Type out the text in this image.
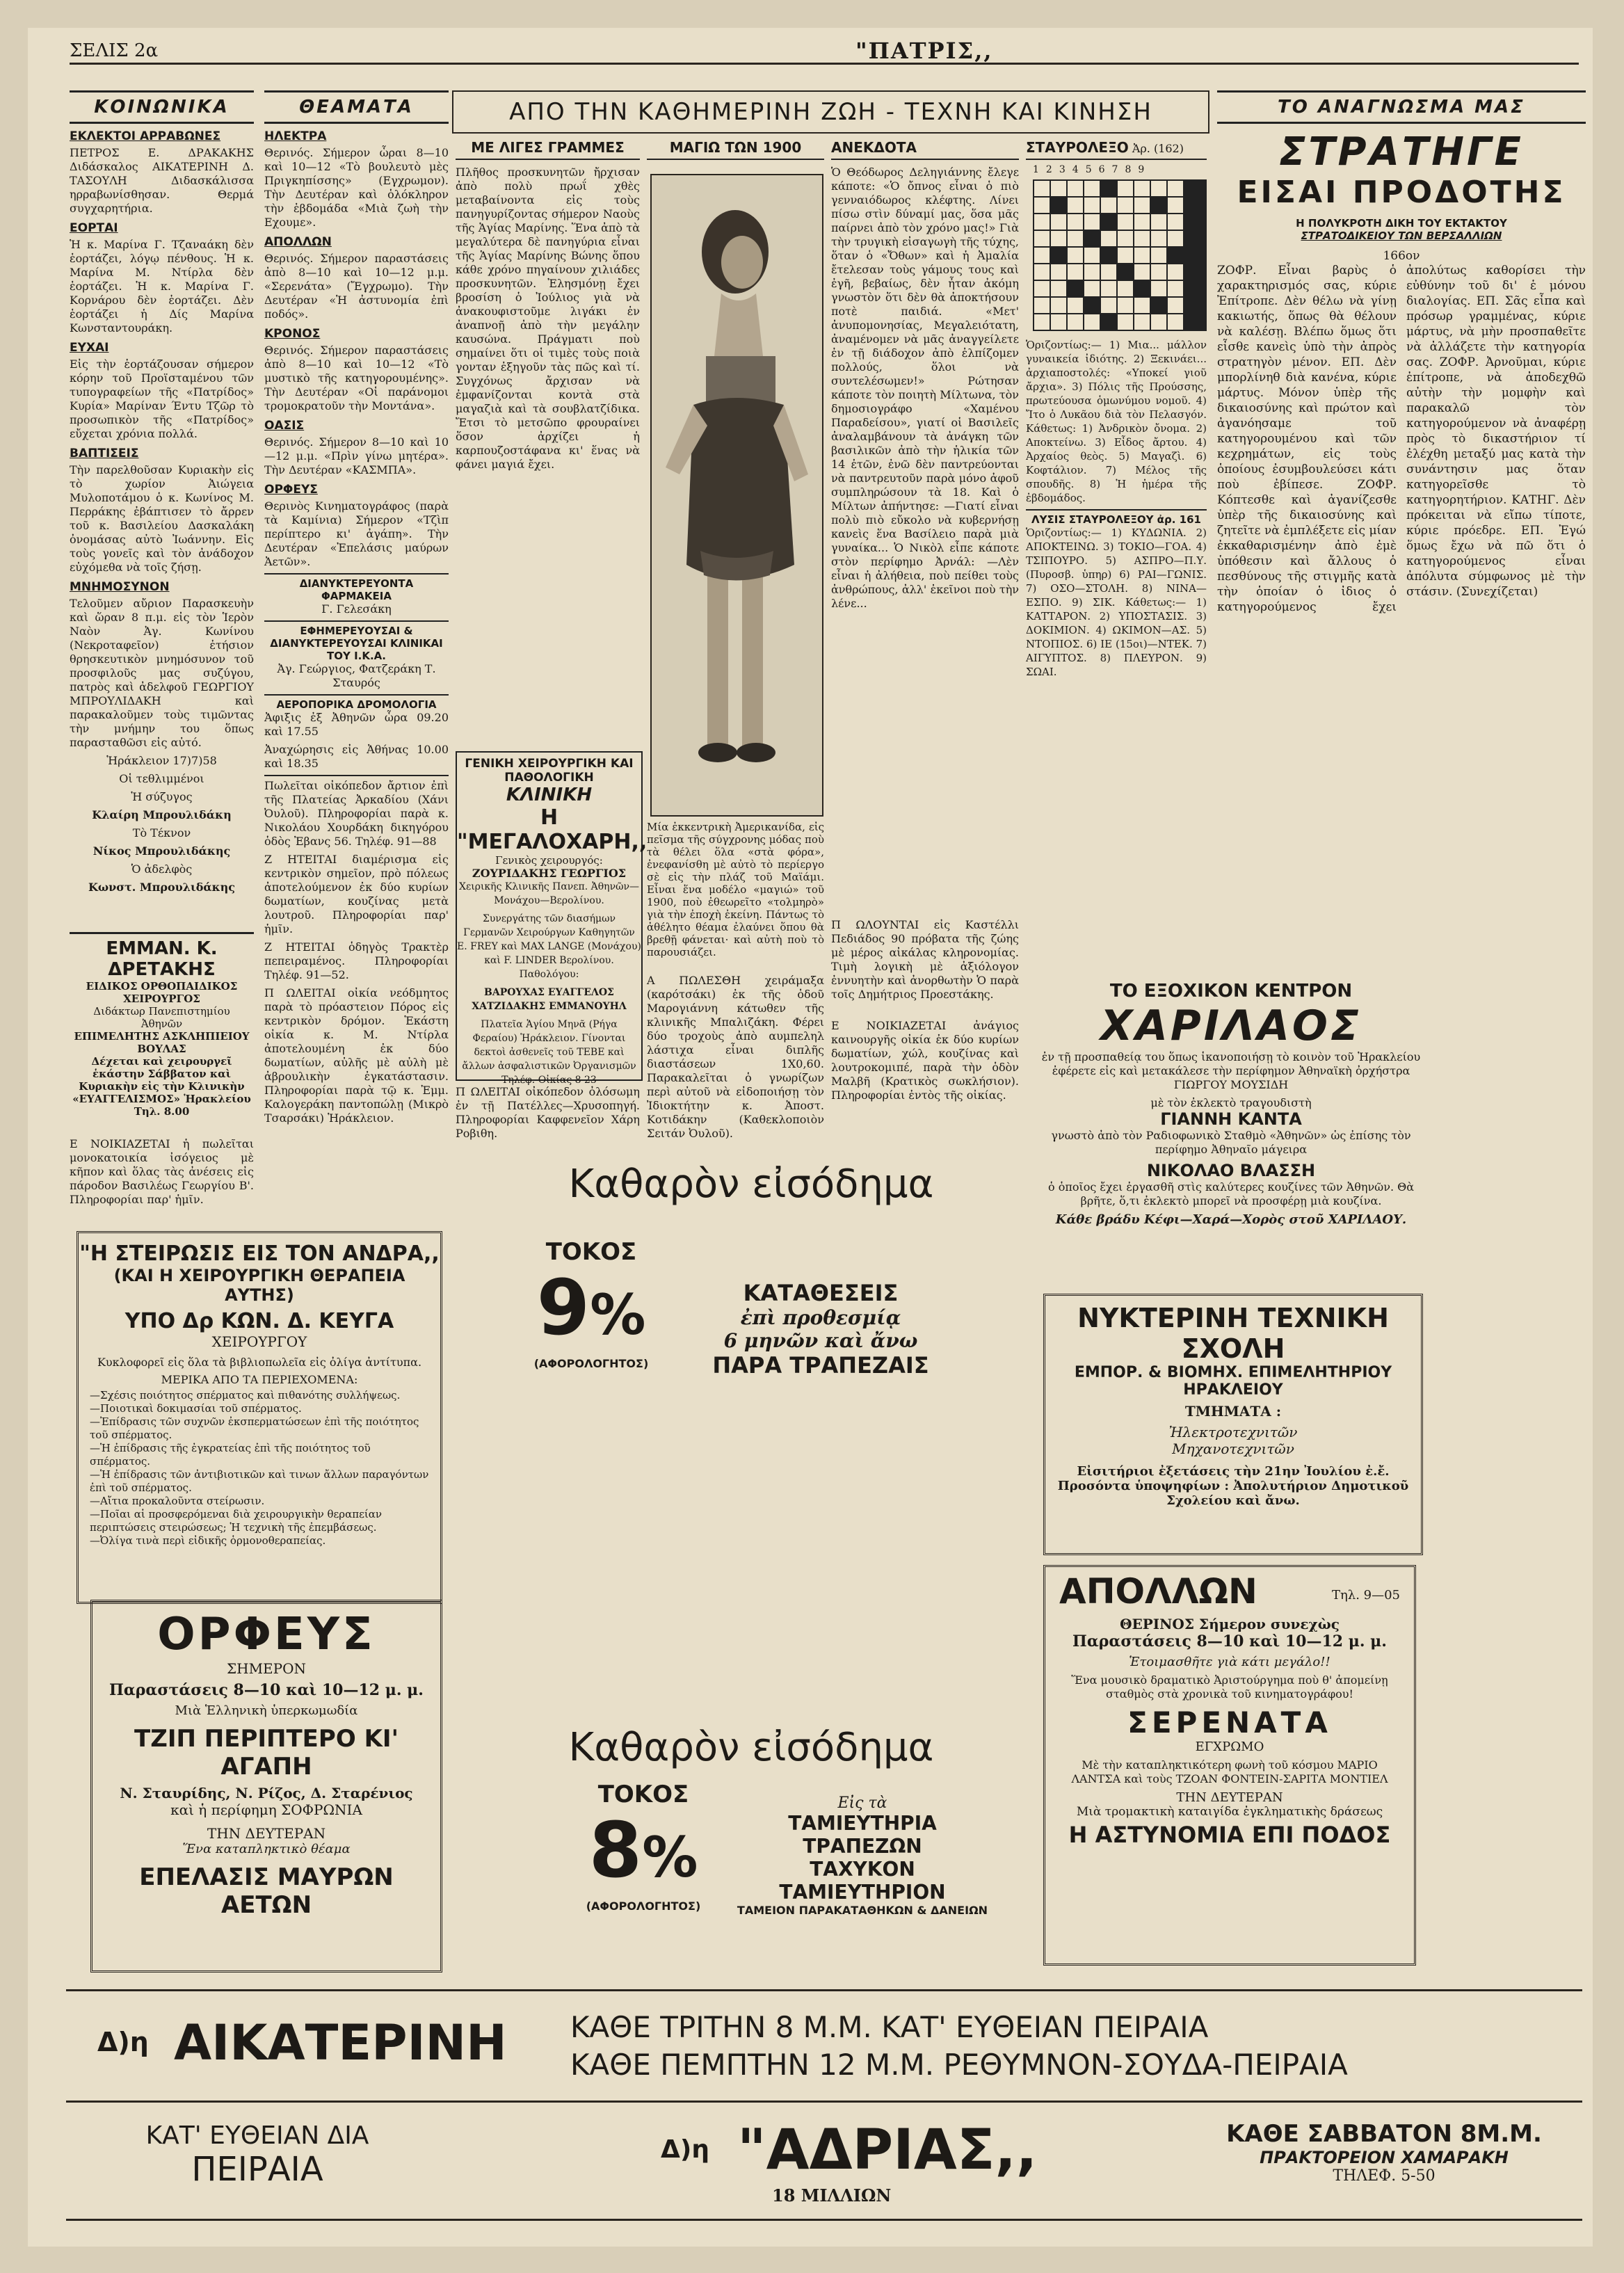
ΣΕΛΙΣ 2α	"ΠΑΤΡΙΣ,,
ΑΠΟ ΤΗΝ ΚΑΘΗΜΕΡΙΝΗ ΖΩΗ - ΤΕΧΝΗ ΚΑΙ ΚΙΝΗΣΗ
ΚΟΙΝΩΝΙΚΑ
ΕΚΛΕΚΤΟΙ ΑΡΡΑΒΩΝΕΣ

ΠΕΤΡΟΣ Ε. ΔΡΑΚΑΚΗΣ Διδάσκαλος ΑΙΚΑΤΕΡΙΝΗ Δ. ΤΑΣΟΥΛΗ Διδασκάλισσα ηρραβωνίσθησαν. Θερμά συγχαρητήρια.

ΕΟΡΤΑΙ

Ἡ κ. Μαρίνα Γ. Τζαναάκη δὲν ἑορτάζει, λόγῳ πένθους. Ἡ κ. Μαρίνα Μ. Ντίρλα δὲν ἑορτάζει. Ἡ κ. Μαρίνα Γ. Κορνάρου δὲν ἑορτάζει. Δὲν ἑορτάζει ἡ Δίς Μαρίνα Κωνσταντουράκη.

ΕΥΧΑΙ

Εἰς τὴν ἑορτάζουσαν σήμερον κόρην τοῦ Προϊσταμένου τῶν τυπογραφείων τῆς «Πατρίδος» Κυρία» Μαρίναν Έντυ Τζῶρ τὸ προσωπικὸν τῆς «Πατρίδος» εὔχεται χρόνια πολλά.

ΒΑΠΤΙΣΕΙΣ

Τὴν παρελθοῦσαν Κυριακὴν εἰς τὸ χωρίον Ἀιώγεια Μυλοποτάμου ὁ κ. Κωνίνος Μ. Περράκης ἐβάπτισεν τὸ ἄρρεν τοῦ κ. Βασιλείου Δασκαλάκη ὀνομάσας αὐτὸ Ἰωάννην. Εἰς τοὺς γονεῖς καὶ τὸν ἀνάδοχον εὐχόμεθα νὰ τοῖς ζήσῃ.

ΜΝΗΜΟΣΥΝΟΝ

Τελοῦμεν αὔριον Παρασκευὴν καὶ ὥραν 8 π.μ. εἰς τὸν Ἱερὸν Ναὸν Ἀγ. Κωνίνου (Νεκροταφεῖον) ἐτήσιον θρησκευτικὸν μνημόσυνον τοῦ προσφιλοῦς μας συζύγου, πατρὸς καὶ ἀδελφοῦ ΓΕΩΡΓΙΟΥ ΜΠΡΟΥΛΙΔΑΚΗ καὶ παρακαλοῦμεν τοὺς τιμῶντας τὴν μνήμην του ὅπως παρασταθῶσι εἰς αὐτό.

Ἡράκλειον 17)7)58

Οἱ τεθλιμμένοι

Ἡ σύζυγος

Κλαίρη Μπρουλιδάκη

Τὸ Τέκνον

Νίκος Μπρουλιδάκης

Ὁ ἀδελφὸς

Κωνστ. Μπρουλιδάκης

ΕΜΜΑΝ. Κ. ΔΡΕΤΑΚΗΣ
ΕΙΔΙΚΟΣ ΟΡΘΟΠΑΙΔΙΚΟΣ
ΧΕΙΡΟΥΡΓΟΣ
Διδάκτωρ Πανεπιστημίου
Ἀθηνῶν
ΕΠΙΜΕΛΗΤΗΣ ΑΣΚΛΗΠΙΕΙΟΥ ΒΟΥΛΑΣ
Δέχεται καὶ χειρουργεῖ ἑκάστην Σάββατον καὶ Κυριακὴν εἰς τὴν Κλινικὴν «ΕΥΑΓΓΕΛΙΣΜΟΣ» Ἡρακλείου
Τηλ. 8.00
Ε ΝΟΙΚΙΑΖΕΤΑΙ ἡ πωλεῖται μονοκατοικία ἰσόγειος μὲ κῆπον καὶ ὅλας τὰς ἀνέσεις εἰς πάροδον Βασιλέως Γεωργίου Β'. Πληροφορίαι παρ' ἡμῖν.
ΘΕΑΜΑΤΑ
ΗΛΕΚΤΡΑ

Θερινός. Σήμερον ὧραι 8—10 καὶ 10—12 «Τὸ βουλευτὸ μὲς Πριγκηπίσσης» (Εγχρωμον). Τὴν Δευτέραν καὶ ὁλόκληρον τὴν ἑβδομάδα «Μιὰ ζωὴ τὴν Εχουμε».

ΑΠΟΛΛΩΝ

Θερινός. Σήμερον παραστάσεις ἀπὸ 8—10 καὶ 10—12 μ.μ. «Σερενάτα» (Ἔγχρωμο). Τὴν Δευτέραν «Ἡ ἀστυνομία ἐπὶ ποδός».

ΚΡΟΝΟΣ

Θερινός. Σήμερον παραστάσεις ἀπὸ 8—10 καὶ 10—12 «Τὸ μυστικὸ τῆς κατηγορουμένης». Τὴν Δευτέραν «Οἱ παράνομοι τρομοκρατοῦν τὴν Μοντάνα».

ΟΑΣΙΣ

Θερινός. Σήμερον 8—10 καὶ 10—12 μ.μ. «Πρὶν γίνω μητέρα». Τὴν Δευτέραν «ΚΑΣΜΠΑ».

ΟΡΦΕΥΣ

Θερινὸς Κινηματογράφος (παρὰ τὰ Καμίνια) Σήμερον «Τζὶπ περίπτερο κι' ἀγάπη». Τὴν Δευτέραν «Ἐπελάσις μαύρων Ἀετῶν».

ΔΙΑΝΥΚΤΕΡΕΥΟΝΤΑ ΦΑΡΜΑΚΕΙΑ

Γ. Γελεσάκη

ΕΦΗΜΕΡΕΥΟΥΣΑΙ & ΔΙΑΝΥΚΤΕΡΕΥΟΥΣΑΙ ΚΛΙΝΙΚΑΙ ΤΟΥ Ι.Κ.Α.

Ἀγ. Γεώργιος, Φατζεράκη Τ. Σταυρός

ΑΕΡΟΠΟΡΙΚΑ ΔΡΟΜΟΛΟΓΙΑ

Ἀφιξις ἐξ Ἀθηνῶν ὧρα 09.20 καὶ 17.55

Ἀναχώρησις εἰς Ἀθήνας 10.00 καὶ 18.35

Πωλεῖται οἰκόπεδον ἄρτιον ἐπὶ τῆς Πλατείας Ἀρκαδίου (Χάνι Ὀυλοῦ). Πληροφορίαι παρὰ κ. Νικολάου Χουρδάκη δικηγόρου ὁδὸς Ἐβανς 56. Τηλέφ. 91—88

Ζ ΗΤΕΙΤΑΙ διαμέρισμα εἰς κεντρικὸν σημεῖον, πρὸ πόλεως ἀποτελούμενον ἐκ δύο κυρίων δωματίων, κουζίνας μετὰ λουτροῦ. Πληροφορίαι παρ' ἡμῖν.

Ζ ΗΤΕΙΤΑΙ ὁδηγὸς Τρακτὲρ πεπειραμένος. Πληροφορίαι Τηλέφ. 91—52.

Π ΩΛΕΙΤΑΙ οἰκία νεόδμητος παρὰ τὸ πρόαστειον Πόρος εἰς κεντρικὸν δρόμον. Ἑκάστη οἰκία κ. Μ. Ντίρλα ἀποτελουμένη ἐκ δύο δωματίων, αὐλῆς μὲ αὐλὴ μὲ ἀβρουλικὴν ἐγκατάστασιν. Πληροφορίαι παρὰ τῷ κ. Ἐμμ. Καλογεράκη παντοπώλῃ (Μικρὸ Τσαρσάκι) Ἡράκλειον.

ΜΕ ΛΙΓΕΣ ΓΡΑΜΜΕΣ

Πλῆθος προσκυνητῶν ἤρχισαν ἀπὸ πολὺ πρωΐ χθὲς μεταβαίνοντα εἰς τοὺς πανηγυρίζοντας σήμερον Ναοὺς τῆς Ἁγίας Μαρίνης. Ἕνα ἀπὸ τὰ μεγαλύτερα δὲ πανηγύρια εἶναι τῆς Ἁγίας Μαρίνης Βώνης ὅπου κάθε χρόνο πηγαίνουν χιλιάδες προσκυνητῶν. Ἐλησμόνῃ ἔχει βροσίση ὁ Ἰούλιος γιὰ νὰ ἀνακουφιστοῦμε λιγάκι ἐν ἀναπνοῇ ἀπὸ τὴν μεγάλην καυσώνα. Πράγματι ποὺ σημαίνει ὅτι οἱ τιμὲς τοὺς ποιὰ γονταν ἐξηγοῦν τὰς πῶς καὶ τί. Συγχόνως ἄρχισαν νὰ ἐμφανίζονται κοντὰ στὰ μαγαζιὰ καὶ τὰ σουβλατζίδικα. Ἔτσι τὸ μετσῶπο φρουραίνει ὅσον ἀρχίζει ἡ καρπουζοστάφανα κι' ἕνας νὰ φάνει μαγιά ἔχει.

ΓΕΝΙΚΗ ΧΕΙΡΟΥΡΓΙΚΗ ΚΑΙ ΠΑΘΟΛΟΓΙΚΗ
ΚΛΙΝΙΚΗ
Η "ΜΕΓΑΛΟΧΑΡΗ,,
Γενικὸς χειρουργός:
ΖΟΥΡΙΔΑΚΗΣ ΓΕΩΡΓΙΟΣ

Χειρικῆς Κλινικῆς Πανεπ. Ἀθηνῶν—Μονάχου—Βερολίνου.

Συνεργάτης τῶν διασήμων Γερμανῶν Χειρούργων Καθηγητῶν E. FREY καὶ MAX LANGE (Μονάχου) καὶ F. LINDER Βερολίνου. Παθολόγου:

ΒΑΡΟΥΧΑΣ ΕΥΑΓΓΕΛΟΣ ΧΑΤΖΙΔΑΚΗΣ ΕΜΜΑΝΟΥΗΛ

Πλατεῖα Ἁγίου Μηνᾶ (Ρήγα Φεραίου) Ἡράκλειον. Γίνονται δεκτοὶ ἀσθενεῖς τοῦ ΤΕΒΕ καὶ ἄλλων ἀσφαλιστικῶν Ὀργανισμῶν Τηλέφ. Οἰκίας 8 23

Π ΩΛΕΙΤΑΙ οἰκόπεδον ὀλόσωμη ἐν τῇ Πατέλλες—Χρυσοπηγή. Πληροφορίαι Καφφενεῖον Χάρη Ροβιθη.
ΜΑΓΙΩ ΤΩΝ 1900
Μία ἐκκεντρικὴ Ἀμερικανίδα, εἰς πεῖσμα τῆς σύγχρονης μόδας ποὺ τὰ θέλει ὅλα «στὰ φόρα», ἐνεφανίσθη μὲ αὐτὸ τὸ περίεργο σὲ εἰς τὴν πλάζ τοῦ Μαϊάμι. Εἶναι ἕνα μοδέλο «μαγιώ» τοῦ 1900, ποὺ ἐθεωρεῖτο «τολμηρὸ» γιὰ τὴν ἐποχὴ ἐκείνη. Πάντως τὸ ἀθέλητο θέαμα ἐλαύνει ὅπου θὰ βρεθῇ φάνεται· καὶ αὐτὴ ποὺ τὸ παρουσιάζει.
ΑΝΕΚΔΟΤΑ

Ὁ Θεόδωρος Δεληγιάννης ἔλεγε κάποτε: «Ὁ ὄπνος εἶναι ὁ πιὸ γενναιόδωρος κλέφτης. Λίνει πίσω στὶν δύναμί μας, ὅσα μᾶς παίρνει ἀπὸ τὸν χρόνο μας!» Γιὰ τὴν τρυγικὴ εἰσαγωγὴ τῆς τύχης, ὅταν ὁ «Ὄθων» καὶ ἡ Ἀμαλία ἔτελεσαν τοὺς γάμους τους καὶ ἐγῆ, βεβαίως, δὲν ἦταν ἀκόμη γνωστὸν ὅτι δὲν θὰ ἀποκτήσουν ποτὲ παιδιά. «Μετ' ἀνυπομονησίας, Μεγαλειότατη, ἀναμένομεν νὰ μᾶς ἀναγγείλετε ἐν τῇ διάδοχον ἀπὸ ἐλπίζομεν πολλούς, ὅλοι νὰ συντελέσωμεν!» Ρώτησαν κάποτε τὸν ποιητὴ Μίλτωνα, τὸν δημοσιογράφο «Χαμένου Παραδείσου», γιατί οἱ Βασιλεῖς ἀναλαμβάνουν τὰ ἀνάγκη τῶν βασιλικῶν ἀπὸ τὴν ἡλικία τῶν 14 ἐτῶν, ἐνῶ δὲν παντρεύονται νὰ παντρευτοῦν παρὰ μόνο ἀφοῦ συμπληρώσουν τὰ 18. Καὶ ὁ Μίλτων ἀπήντησε: —Γιατί εἶναι πολὺ πιὸ εὔκολο νὰ κυβερνήσῃ κανεὶς ἕνα Βασίλειο παρὰ μιὰ γυναίκα... Ὁ Νικὸλ εἶπε κάποτε στὸν περίφημο Ἀρνάλ: —Λὲν εἶναι ἡ ἀλήθεια, ποὺ πείθει τοὺς ἀνθρώπους, ἀλλ' ἐκεῖνοι ποὺ τὴν λένε...

Α ΠΩΛΕΣΘΗ χειράμαξα (καρότσάκι) ἐκ τῆς ὁδοῦ Μαρογιάννη κάτωθεν τῆς κλινικῆς Μπαλιζάκη. Φέρει δύο τροχοὺς ἀπὸ αυμπεληλ λάστιχα εἶναι διπλῆς διαστάσεων 1Χ0,60. Παρακαλεῖται ὁ γνωρίζων περὶ αὐτοῦ νὰ εἰδοποιήσῃ τὸν Ἰδιοκτήτην κ. Ἀποστ. Κοτιδάκην (Καθεκλοποιὸν Σειτάν Ὀυλοῦ).
Π ΩΛΟΥΝΤΑΙ εἰς Καστέλλι Πεδιάδος 90 πρόβατα τῆς ζώης μὲ μέρος αἰκάλας κληρονομίας. Τιμὴ λογικὴ μὲ ἀξιόλογον ἐννυητὴν καὶ ἀνορθωτὴν Ὁ παρὰ τοῖς Δημήτριος Προεστάκης.
Ε ΝΟΙΚΙΑΖΕΤΑΙ ἀνάγιος καινουργῆς οἰκία ἐκ δύο κυρίων δωματίων, χώλ, κουζίνας καὶ λουτροκομιπέ, παρὰ τὴν ὁδὸν Μαλβῆ (Κρατικὸς σωκλήσιον). Πληροφορίαι ἐντὸς τῆς οἰκίας.
ΣΤΑΥΡΟΛΕΞΟ Ἀρ. (162)
1 2 3 4 5 6 7 8 9

Ὁριζοντίως:— 1) Μια... μάλλον γυναικεία ἰδιότης. 2) Ξεκινάει... ἀρχιαποστολές: «Υποκεί γιοῦ ἄρχια». 3) Πόλις τῆς Προύσσης, πρωτεύουσα ὁμωνύμου νομοῦ. 4) Ἴτο ὁ Λυκᾶου διὰ τὸν Πελασγόν. Κάθετως: 1) Ἀνδρικὸν ὄνομα. 2) Αποκτείνω. 3) Εἶδος ἄρτου. 4) Ἀρχαίος θεὸς. 5) Μαγαζὶ. 6) Κοφτάλιον. 7) Μέλος τῆς σπουδῆς. 8) Ἡ ἡμέρα τῆς ἐβδομάδος.

ΛΥΣΙΣ ΣΤΑΥΡΟΛΕΞΟΥ ἀρ. 161

Ὁριζοντίως:— 1) ΚΥΔΩΝΙΑ. 2) ΑΠΟΚΤΕΙΝΩ. 3) ΤΟΚΙΟ—ΓΟΑ. 4) ΤΣΙΠΟΥΡΟ. 5) ΑΣΠΡΟ—Π.Υ. (Πυροσβ. ὑπηρ) 6) ΡΑΙ—ΓΩΝΙΣ. 7) ΟΣΟ—ΣΤΟΛΗ. 8) ΝΙΝΑ—ΕΣΠΟ. 9) ΣΙΚ. Κάθετως:— 1) ΚΑΤΤΑΡΟΝ. 2) ΥΠΟΣΤΑΣΙΣ. 3) ΔΟΚΙΜΙΟΝ. 4) ΩΚΙΜΟΝ—ΑΣ. 5) ΝΤΟΠΙΟΣ. 6) ΙΕ (15οι)—ΝΤΕΚ. 7) ΑΙΓΥΠΤΟΣ. 8) ΠΛΕΥΡΟΝ. 9) ΣΩΑΙ.

ΤΟ ΑΝΑΓΝΩΣΜΑ ΜΑΣ
ΣΤΡΑΤΗΓΕ
ΕΙΣΑΙ ΠΡΟΔΟΤΗΣ
Η ΠΟΛΥΚΡΟΤΗ ΔΙΚΗ ΤΟΥ ΕΚΤΑΚΤΟΥ
ΣΤΡΑΤΟΔΙΚΕΙΟΥ ΤΩΝ ΒΕΡΣΑΛΛΙΩΝ
166ον

ΖΟΦΡ. Εἶναι βαρὺς ὁ χαρακτηρισμός σας, κύριε Ἐπίτροπε. Δὲν θέλω νὰ γίνῃ κακιωτής, ὅπως θὰ θέλουν νὰ καλέσῃ. Βλέπω ὅμως ὅτι εἶσθε κανεὶς ὑπὸ τὴν ἀπρὸς στρατηγὸν μένον. ΕΠ. Δὲν μπορλίνηθ διὰ κανένα, κύριε μάρτυς. Μόνον ὑπὲρ τῆς δικαιοσύνης καὶ πρώτον καὶ ἀγανόησαμε τοῦ κατηγορουμένου καὶ τῶν κεχρημάτων, εἰς τοὺς ὁποίους ἐσυμβουλεύσει κάτι ποὺ ἐβίπεσε. ΖΟΦΡ. Κόπτεσθε καὶ ἀγανίζεσθε ὑπὲρ τῆς δικαιοσύνης καὶ ζητεῖτε νὰ ἐμπλέξετε εἰς μίαν ἐκκαθαρισμένην ἀπὸ ἐμὲ ὑπόθεσιν καὶ ἄλλους ὁ πεσθύνους τῆς στιγμῆς κατὰ τὴν ὁποίαν ὁ ἰδιος ὁ κατηγορούμενος ἔχει ἀπολύτως καθορίσει τὴν εὐθύνην τοῦ δι' ἑ μόνου διαλογίας. ΕΠ. Σᾶς εἶπα καὶ πρόσωρ γραμμένας, κύριε μάρτυς, νὰ μὴν προσπαθεῖτε νὰ ἀλλάζετε τὴν κατηγορία σας. ΖΟΦΡ. Ἀρνοῦμαι, κύριε ἐπίτροπε, νὰ ἀποδεχθῶ αὐτὴν τὴν μομφὴν καὶ παρακαλῶ τὸν κατηγορούμενον νὰ ἀναφέρῃ πρὸς τὸ δικαστήριον τί ἐλέχθη μεταξύ μας κατὰ τὴν συνάντησιν μας ὅταν κατηγορεῖσθε τὸ κατηγορητήριον. ΚΑΤΗΓ. Δὲν πρόκειται νὰ εἴπω τίποτε, κύριε πρόεδρε. ΕΠ. Ἐγώ ὅμως ἔχω νὰ πῶ ὅτι ὁ κατηγορούμενος εἶναι ἀπόλυτα σύμφωνος μὲ τὴν στάσιν. (Συνεχίζεται)

"Η ΣΤΕΙΡΩΣΙΣ ΕΙΣ ΤΟΝ ΑΝΔΡΑ,,
(ΚΑΙ Η ΧΕΙΡΟΥΡΓΙΚΗ ΘΕΡΑΠΕΙΑ ΑΥΤΗΣ)
ΥΠΟ Δρ ΚΩΝ. Δ. ΚΕΥΓΑ
ΧΕΙΡΟΥΡΓΟΥ
Κυκλοφορεῖ εἰς ὅλα τὰ βιβλιοπωλεῖα εἰς ὀλίγα ἀντίτυπα.
ΜΕΡΙΚΑ ΑΠΟ ΤΑ ΠΕΡΙΕΧΟΜΕΝΑ:
—Σχέσις ποιότητος σπέρματος καὶ πιθανότης συλλήψεως.
—Ποιοτικαὶ δοκιμασίαι τοῦ σπέρματος.
—Ἐπίδρασις τῶν συχνῶν ἐκσπερματώσεων ἐπὶ τῆς ποιότητος τοῦ σπέρματος.
—Ἡ ἐπίδρασις τῆς ἐγκρατείας ἐπὶ τῆς ποιότητος τοῦ σπέρματος.
—Ἡ ἐπίδρασις τῶν ἀντιβιοτικῶν καὶ τινων ἄλλων παραγόντων ἐπὶ τοῦ σπέρματος.
—Αἴτια προκαλοῦντα στείρωσιν.
—Ποῖαι αἱ προσφερόμεναι διὰ χειρουργικὴν θεραπείαν περιπτώσεις στειρώσεως; Ἡ τεχνικὴ τῆς ἐπεμβάσεως.
—Ὀλίγα τινὰ περὶ εἰδικῆς ὁρμονοθεραπείας.
ΟΡΦΕΥΣ
ΣΗΜΕΡΟΝ
Παραστάσεις 8—10 καὶ 10—12 μ. μ.
Μιὰ Ἑλληνικὴ ὑπερκωμωδία
ΤΖΙΠ ΠΕΡΙΠΤΕΡΟ ΚΙ' ΑΓΑΠΗ
Ν. Σταυρίδης, Ν. Ρίζος, Δ. Σταρένιος
καὶ ἡ περίφημη ΣΟΦΡΩΝΙΑ
ΤΗΝ ΔΕΥΤΕΡΑΝ
Ἕνα καταπληκτικὸ θέαμα
ΕΠΕΛΑΣΙΣ ΜΑΥΡΩΝ ΑΕΤΩΝ
Καθαρὸν εἰσόδημα
ΤΟΚΟΣ
9%
(ΑΦΟΡΟΛΟΓΗΤΟΣ)
ΚΑΤΑΘΕΣΕΙΣ
ἐπὶ προθεσμίᾳ
6 μηνῶν καὶ ἄνω
ΠΑΡΑ ΤΡΑΠΕΖΑΙΣ
Καθαρὸν εἰσόδημα
ΤΟΚΟΣ
8%
(ΑΦΟΡΟΛΟΓΗΤΟΣ)
Εἰς τὰ
ΤΑΜΙΕΥΤΗΡΙΑ ΤΡΑΠΕΖΩΝ
ΤΑΧΥΚΟΝ ΤΑΜΙΕΥΤΗΡΙΟΝ
ΤΑΜΕΙΟΝ ΠΑΡΑΚΑΤΑΘΗΚΩΝ & ΔΑΝΕΙΩΝ
ΤΟ ΕΞΟΧΙΚΟΝ ΚΕΝΤΡΟΝ
ΧΑΡΙΛΑΟΣ

ἐν τῇ προσπαθείᾳ του ὅπως ἱκανοποιήσῃ τὸ κοινὸν τοῦ Ἡρακλείου ἐφέρετε εἰς καὶ μετακάλεσε τὴν περίφημον Ἀθηναϊκὴ ὀρχήστρα ΓΙΩΡΓΟΥ ΜΟΥΣΙΔΗ

μὲ τὸν ἐκλεκτὸ τραγουδιστὴ
ΓΙΑΝΝΗ ΚΑΝΤΑ

γνωστὸ ἀπὸ τὸν Ραδιοφωνικὸ Σταθμὸ «Ἀθηνῶν» ὡς ἐπίσης τὸν περίφημο Ἀθηναῖο μάγειρα

ΝΙΚΟΛΑΟ ΒΛΑΣΣΗ

ὁ ὁποῖος ἔχει ἐργασθῆ στὶς καλύτερες κουζίνες τῶν Ἀθηνῶν. Θὰ βρῆτε, ὅ,τι ἐκλεκτὸ μπορεῖ νὰ προσφέρῃ μιὰ κουζίνα.

Κάθε βράδυ Κέφι—Χαρά—Χορὸς στοῦ ΧΑΡΙΛΑΟΥ.
ΝΥΚΤΕΡΙΝΗ ΤΕΧΝΙΚΗ ΣΧΟΛΗ
ΕΜΠΟΡ. & ΒΙΟΜΗΧ. ΕΠΙΜΕΛΗΤΗΡΙΟΥ ΗΡΑΚΛΕΙΟΥ
ΤΜΗΜΑΤΑ :
Ἠλεκτροτεχνιτῶν
Μηχανοτεχνιτῶν
Εἰσιτήριοι ἐξετάσεις τὴν 21ην Ἰουλίου ἐ.ἔ.
Προσόντα ὑποψηφίων : Ἀπολυτήριον Δημοτικοῦ Σχολείου καὶ ἄνω.
ΑΠΟΛΛΩΝ	Τηλ. 9—05
ΘΕΡΙΝΟΣ Σήμερον συνεχὼς
Παραστάσεις 8—10 καὶ 10—12 μ. μ.
Ἑτοιμασθῆτε γιὰ κάτι μεγάλο!!

Ἕνα μουσικὸ δραματικὸ Ἀριστούργημα ποὺ θ' ἀπομείνῃ σταθμὸς στὰ χρονικὰ τοῦ κινηματογράφου!

ΣΕΡΕΝΑΤΑ
ΕΓΧΡΩΜΟ

Μὲ τὴν καταπληκτικότερη φωνὴ τοῦ κόσμου ΜΑΡΙΟ ΛΑΝΤΣΑ καὶ τοὺς ΤΖΟΑΝ ΦΟΝΤΕΙΝ-ΣΑΡΙΤΑ ΜΟΝΤΙΕΛ

ΤΗΝ ΔΕΥΤΕΡΑΝ
Μιὰ τρομακτικὴ καταιγίδα ἐγκληματικὴς δράσεως
Η ΑΣΤΥΝΟΜΙΑ ΕΠΙ ΠΟΔΟΣ
Δ)η ΑΙΚΑΤΕΡΙΝΗ ΚΑΘΕ ΤΡΙΤΗΝ 8 Μ.Μ. ΚΑΤ' ΕΥΘΕΙΑΝ ΠΕΙΡΑΙΑ
ΚΑΘΕ ΠΕΜΠΤΗΝ 12 Μ.Μ. ΡΕΘΥΜΝΟΝ-ΣΟΥΔΑ-ΠΕΙΡΑΙΑ
ΚΑΤ' ΕΥΘΕΙΑΝ ΔΙΑ
ΠΕΙΡΑΙΑ
Δ)η "ΑΔΡΙΑΣ,,
18 ΜΙΛΛΙΩΝ
ΚΑΘΕ ΣΑΒΒΑΤΟΝ 8Μ.Μ.
ΠΡΑΚΤΟΡΕΙΟΝ ΧΑΜΑΡΑΚΗ
ΤΗΛΕΦ. 5-50
